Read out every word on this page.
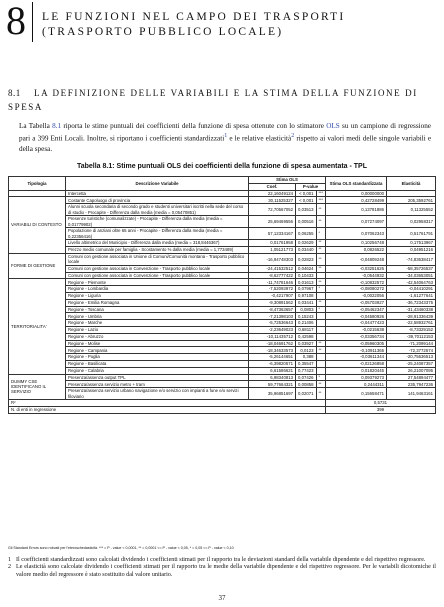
8	LE FUNZIONI NEL CAMPO DEI TRASPORTI
(TRASPORTO PUBBLICO LOCALE)
8.1 LA DEFINIZIONE DELLE VARIABILI E LA STIMA DELLA FUNZIONE DI SPESA
La Tabella 8.1 riporta le stime puntuali dei coefficienti della funzione di spesa ottenute con lo stimatore OLS su un campione di regressione pari a 399 Enti Locali. Inoltre, si riportano i coefficienti standardizzati$^1$ e le relative elasticità$^2$ rispetto ai valori medi delle singole variabili e della spesa.
Tabella 8.1: Stime puntuali OLS dei coefficienti della funzione di spesa aumentata - TPL
Tipologia	Descrizione Variabile	Stima OLS			Stima OLS standardizzata	Elasticità
		Coef.	P-value			
	Intercetta	22,16049124	< 0,001	***	0,00000000	
VARIABILI DI CONTESTO	Costante Capoluogo di provincia	30,11525327	< 0,001	***	0,42728499	205,3592761
	Alunni scuola secondaria di secondo grado e studenti universitari iscritti nella sede del corso di studio - Procapite - Differenza dalla media (media = 0,05470851)	72,70567052	0,03513	**	0,13781886	0,11325552
	Presenze turistiche (comunalizzate) - Procapite - Differenza dalla media (media = 0,01779902)	25,69469556	0,00516	**	0,07274097	0,02958317
	Popolazione di anziani oltre 65 anni - Procapite - Differenza dalla media (media = 0,22356416)	57,12334167	0,06255	*	0,07062343	0,51761791
	Livello altimetrico del Municipio - Differenza dalla media (media = 318,8446367)	0,01761958	0,02629	**	0,10256748	0,17513967
	Prezzo medio comunale per famiglia - Scostamento % dalla media (media = 1,773489)	1,05121773	0,03440	**	0,0826522	0,04951216
FORME DI GESTIONE	Comuni con gestione associata in Unione di Comuni/Comunità montana - Trasporto pubblico locale	-16,94748303	0,02823	**	-0,04809248	-74,83638417
	Comuni con gestione associata in Convenzione - Trasporto pubblico locale	-24,41532512	0,04624	**	-0,03251626	-58,35726537
	Comuni con gestione associata in Convenzione - Trasporto pubblico locale	-8,62777422	0,10433		-0,0544932	-34,03653051
TERRITORIALITA'	Regione - Piemonte	-11,74781646	0,01613	**	-0,10832572	-42,54064763
	Regione - Lombardia	-7,52093972	0,07967	*	-0,08080272	-0,04410291
	Regione - Liguria	-0,4217907	0,97108		-0,0022056	-1,61277641
	Regione - Emilia Romagna	-9,30891562	0,03441	**	-0,05703927	-36,72343375
	Regione - Toscana	-8,47363657	0,0803	*	-0,05462347	-31,43460338
	Regione - Umbria	-7,21398103	0,15243		-0,04580926	-28,91336439
	Regione - Marche	-5,72536643	0,21406		-0,04477423	-22,58932761
	Regione - Lazio	-2,23649023	0,68117		-0,0215638	-8,73329152
	Regione - Abruzzo	-10,11435712	0,42598		-0,03356734	-39,70112153
	Regione - Molise	-18,04691762	0,03927	**	-0,05960305	-71,2099144
	Regione - Campania	-18,34633573	0,0123	**	-0,10911365	-72,3772574
	Regione - Puglia	-5,26144651	0,388		-0,03611344	-20,75636513
	Regione - Basilicata	-6,39820571	0,35547		-0,02126858	-25,24087357
	Regione - Calabria	6,61586621	0,77423		0,01820445	26,21007095
DUMMY CSE IDENTIFICANO IL SERVIZIO	Presenza/assenza output TPL	6,98340813	0,07426	*	0,09379273	27,54894477
	Presenza/assenza servizio metro + tram	59,77664321	0,00858	**	0,2444311	235,7947236
	Presenza/assenza servizio urbano navigazione e/o servizio con impianti a fune e/o servizi filoviario	35,96851697	0,02071	**	0,15658471	141,9463161
R²					0,5731	
N. di enti in regressione					399	
Gli Standard Errors sono robusti per l'eteroschedasticità. *** = P - value < 0,0001, ** = 0,0001 <= P - value < 0,05, * = 0,05 <= P - value < 0,10
1 Il coefficienti standardizzati sono calcolati dividendo i coefficienti stimati per il rapporto tra le deviazioni standard della variabile dipendente e del rispettivo regressore.
2 Le elasticità sono calcolate dividendo i coefficienti stimati per il rapporto tra le medie della variabile dipendente e del rispettivo regressore. Per le variabili dicotomiche il valore medio del regressore è stato sostituito dal valore unitario.
37
